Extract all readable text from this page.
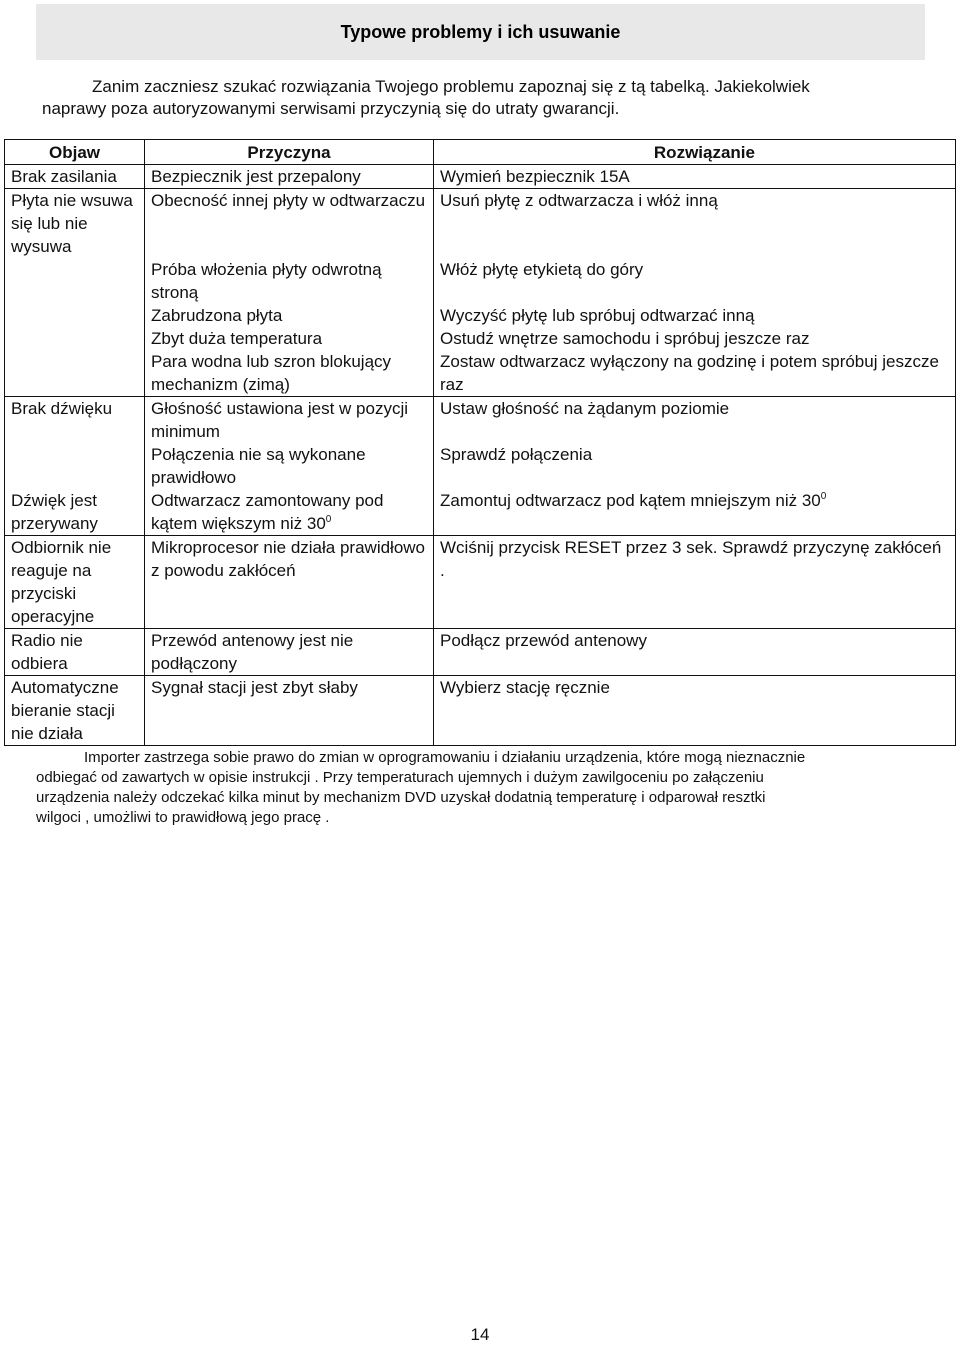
Typowe problemy i ich usuwanie
Zanim zaczniesz szukać rozwiązania Twojego problemu zapoznaj się z tą tabelką. Jakiekolwiek
naprawy poza autoryzowanymi serwisami przyczynią się do utraty gwarancji.
Objaw	Przyczyna	Rozwiązanie
Brak zasilania	Bezpiecznik jest przepalony	Wymień bezpiecznik 15A
Płyta nie wsuwa się lub nie wysuwa	Obecność innej płyty w odtwarzaczu	Usuń płytę z odtwarzacza i włóż inną
	Próba włożenia płyty odwrotną stroną	Włóż płytę etykietą do góry
	Zabrudzona płyta	Wyczyść płytę lub spróbuj odtwarzać inną
	Zbyt duża temperatura	Ostudź wnętrze samochodu i spróbuj jeszcze raz
	Para wodna lub szron blokujący mechanizm (zimą)	Zostaw odtwarzacz wyłączony na godzinę i potem spróbuj jeszcze raz
Brak dźwięku	Głośność ustawiona jest w pozycji minimum	Ustaw głośność na żądanym poziomie
	Połączenia nie są wykonane prawidłowo	Sprawdź połączenia
Dźwięk jest przerywany	Odtwarzacz zamontowany pod kątem większym niż $30^0$	Zamontuj odtwarzacz pod kątem mniejszym niż $30^0$
Odbiornik nie reaguje na przyciski operacyjne	Mikroprocesor nie działa prawidłowo z powodu zakłóceń	Wciśnij przycisk RESET przez 3 sek. Sprawdź przyczynę zakłóceń .
Radio nie odbiera	Przewód antenowy jest nie podłączony	Podłącz przewód antenowy
Automatyczne bieranie stacji nie działa	Sygnał stacji jest zbyt słaby	Wybierz stację ręcznie
Importer zastrzega sobie prawo do zmian w oprogramowaniu i działaniu urządzenia, które mogą nieznacznie
odbiegać od zawartych w opisie instrukcji . Przy temperaturach ujemnych i dużym zawilgoceniu po załączeniu
urządzenia należy odczekać kilka minut by mechanizm DVD uzyskał dodatnią temperaturę i odparował resztki
wilgoci , umożliwi to prawidłową jego pracę .
14
